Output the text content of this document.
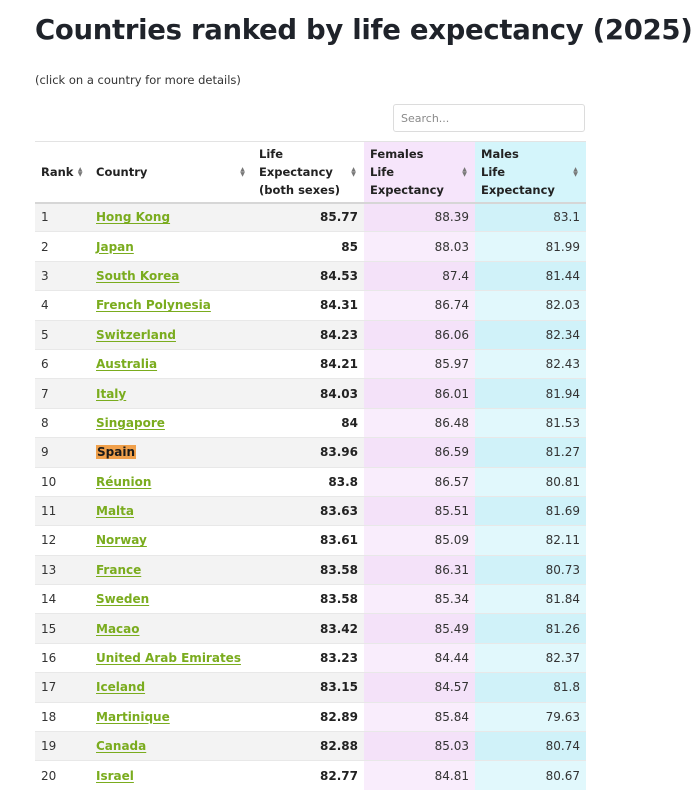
Countries ranked by life expectancy (2025)

(click on a country for more details)

Search...
Rank ▲
▼	Country ▲
▼	Life
Expectancy
(both sexes)
▲
▼	Females
Life
Expectancy
▲
▼	Males
Life
Expectancy
▲
▼

1	Hong Kong	85.77	88.39	83.1
2	Japan	85	88.03	81.99
3	South Korea	84.53	87.4	81.44
4	French Polynesia	84.31	86.74	82.03
5	Switzerland	84.23	86.06	82.34
6	Australia	84.21	85.97	82.43
7	Italy	84.03	86.01	81.94
8	Singapore	84	86.48	81.53
9	Spain	83.96	86.59	81.27
10	Réunion	83.8	86.57	80.81
11	Malta	83.63	85.51	81.69
12	Norway	83.61	85.09	82.11
13	France	83.58	86.31	80.73
14	Sweden	83.58	85.34	81.84
15	Macao	83.42	85.49	81.26
16	United Arab Emirates	83.23	84.44	82.37
17	Iceland	83.15	84.57	81.8
18	Martinique	82.89	85.84	79.63
19	Canada	82.88	85.03	80.74
20	Israel	82.77	84.81	80.67
